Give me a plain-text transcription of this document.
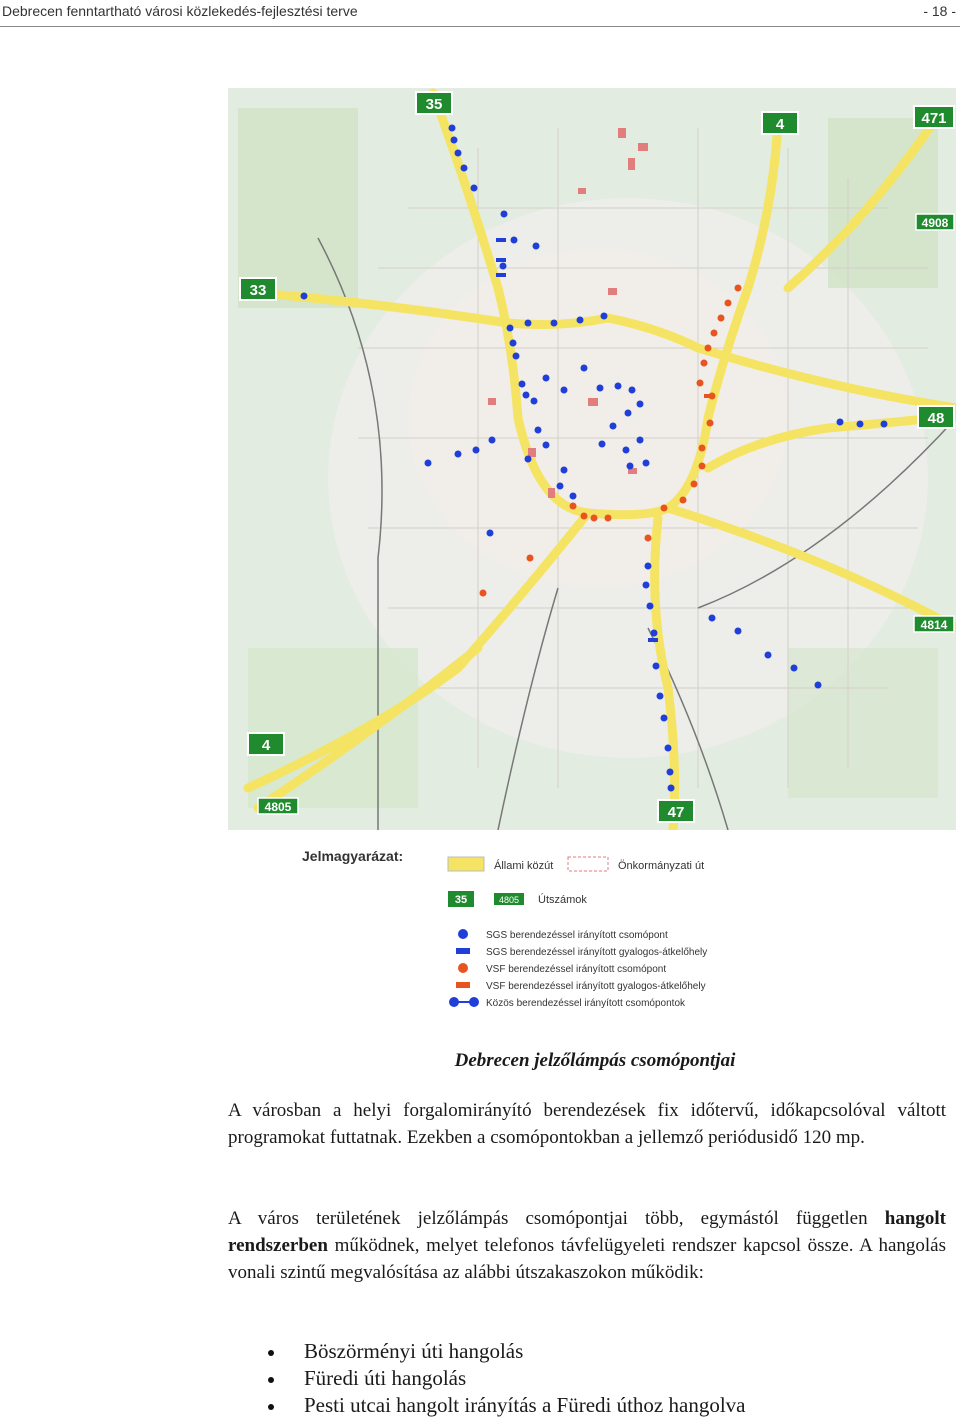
Debrecen fenntartható városi közlekedés-fejlesztési terve	- 18 -
35
4	471
4908
33
48
4814
4
4805	47
Jelmagyarázat:
Állami közút	Önkormányzati út
35	4805 Útszámok
SGS berendezéssel irányított csomópont
SGS berendezéssel irányított gyalogos-átkelőhely
VSF berendezéssel irányított csomópont
VSF berendezéssel irányított gyalogos-átkelőhely
Közös berendezéssel irányított csomópontok
Debrecen jelzőlámpás csomópontjai

A városban a helyi forgalomirányító berendezések fix időtervű, időkapcsolóval váltott programokat futtatnak. Ezekben a csomópontokban a jellemző periódusidő 120 mp.

A város területének jelzőlámpás csomópontjai több, egymástól független hangolt rendszerben működnek, melyet telefonos távfelügyeleti rendszer kapcsol össze. A hangolás vonali szintű megvalósítása az alábbi útszakaszokon működik:

Böszörményi úti hangolás
Füredi úti hangolás
Pesti utcai hangolt irányítás a Füredi úthoz hangolva
